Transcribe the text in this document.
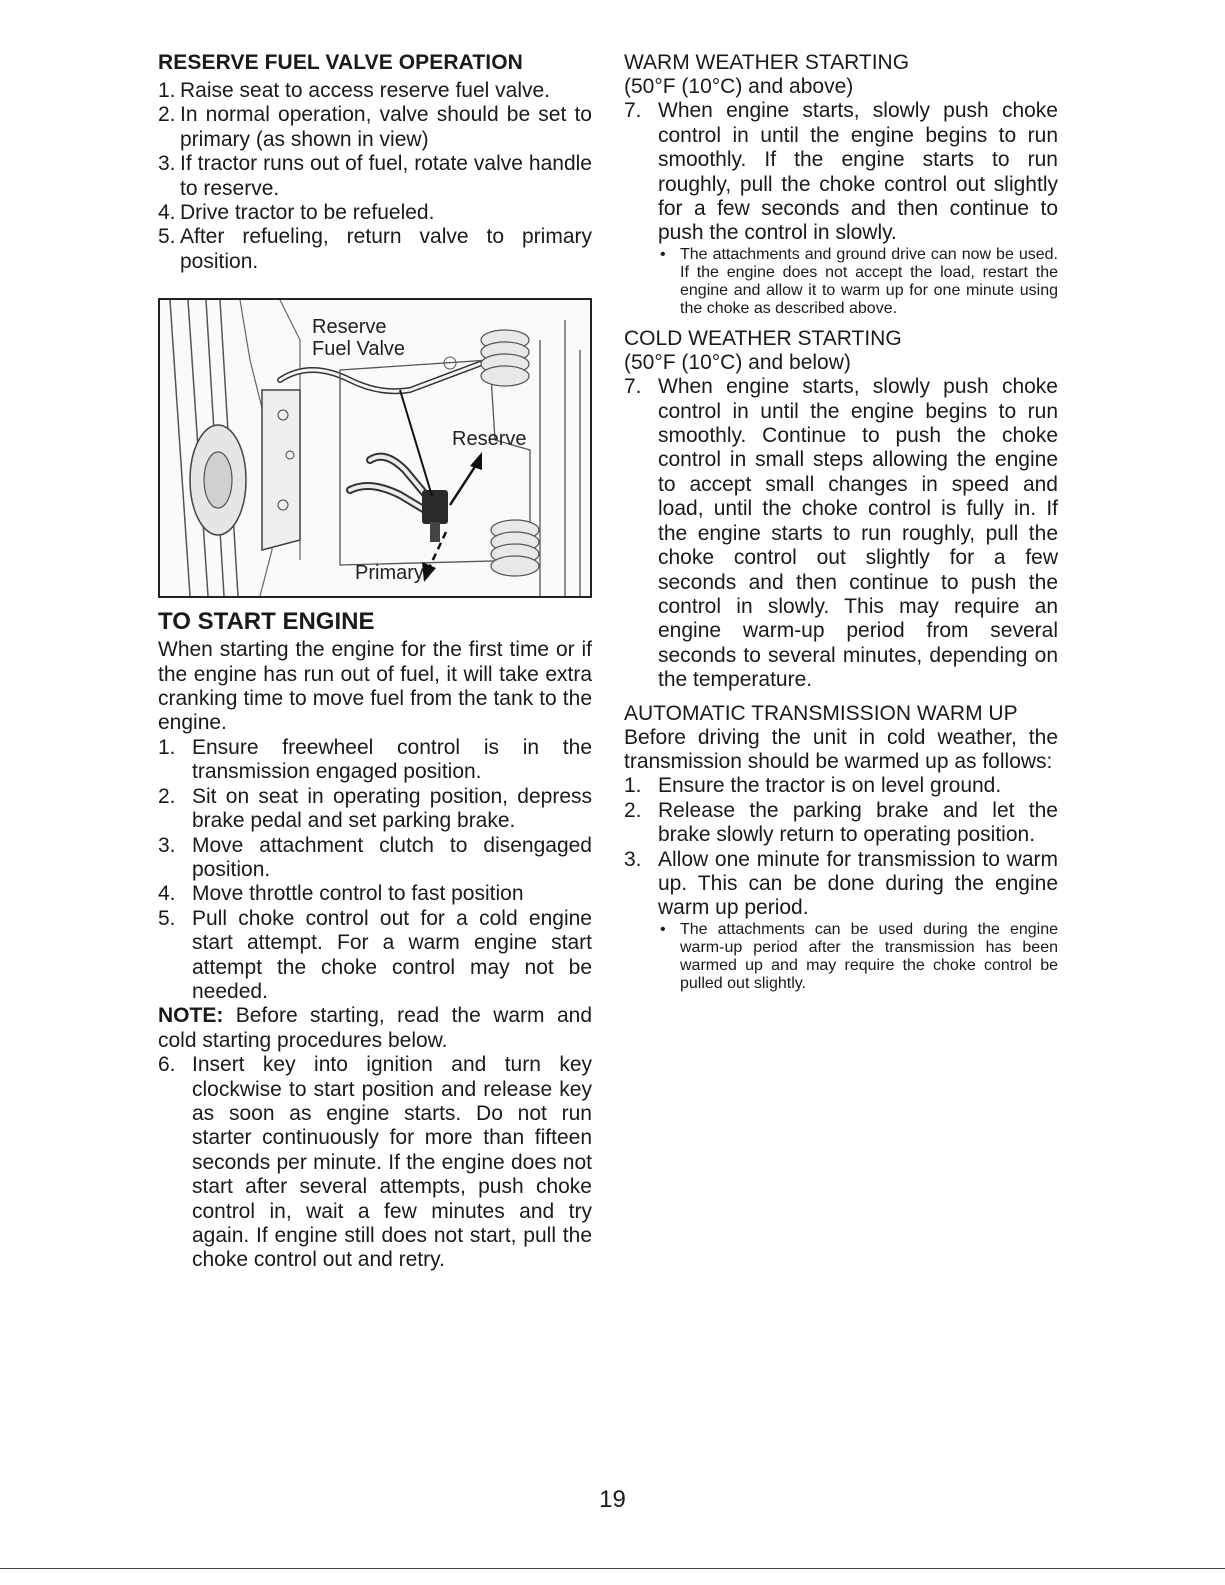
RESERVE FUEL VALVE OPERATION
1. Raise seat to access reserve fuel valve.
2. In normal operation, valve should be set to primary (as shown in view)
3. If tractor runs out of fuel, rotate valve handle to reserve.
4. Drive tractor to be refueled.
5. After refueling, return valve to primary position.
Reserve
Fuel Valve
Reserve
Primary
TO START ENGINE

When starting the engine for the first time or if the engine has run out of fuel, it will take extra cranking time to move fuel from the tank to the engine.

1. Ensure freewheel control is in the transmission engaged position.
2. Sit on seat in operating position, depress brake pedal and set parking brake.
3. Move attachment clutch to disengaged position.
4. Move throttle control to fast position
5. Pull choke control out for a cold engine start attempt. For a warm engine start attempt the choke control may not be needed.

NOTE: Before starting, read the warm and cold starting procedures below.

6. Insert key into ignition and turn key clockwise to start position and release key as soon as engine starts. Do not run starter continuously for more than fifteen seconds per minute. If the engine does not start after several attempts, push choke control in, wait a few minutes and try again. If engine still does not start, pull the choke control out and retry.
WARM WEATHER STARTING

(50°F (10°C) and above)

7. When engine starts, slowly push choke control in until the engine begins to run smoothly. If the engine starts to run roughly, pull the choke control out slightly for a few seconds and then continue to push the control in slowly.
• The attachments and ground drive can now be used. If the engine does not accept the load, restart the engine and allow it to warm up for one minute using the choke as described above.
COLD WEATHER STARTING

(50°F (10°C) and below)

7. When engine starts, slowly push choke control in until the engine begins to run smoothly. Continue to push the choke control in small steps allowing the engine to accept small changes in speed and load, until the choke control is fully in. If the engine starts to run roughly, pull the choke control out slightly for a few seconds and then continue to push the control in slowly. This may require an engine warm-up period from several seconds to several minutes, depending on the temperature.
AUTOMATIC TRANSMISSION WARM UP

Before driving the unit in cold weather, the transmission should be warmed up as follows:

1. Ensure the tractor is on level ground.
2. Release the parking brake and let the brake slowly return to operating position.
3. Allow one minute for transmission to warm up. This can be done during the engine warm up period.
• The attachments can be used during the engine warm-up period after the transmission has been warmed up and may require the choke control be pulled out slightly.
19
